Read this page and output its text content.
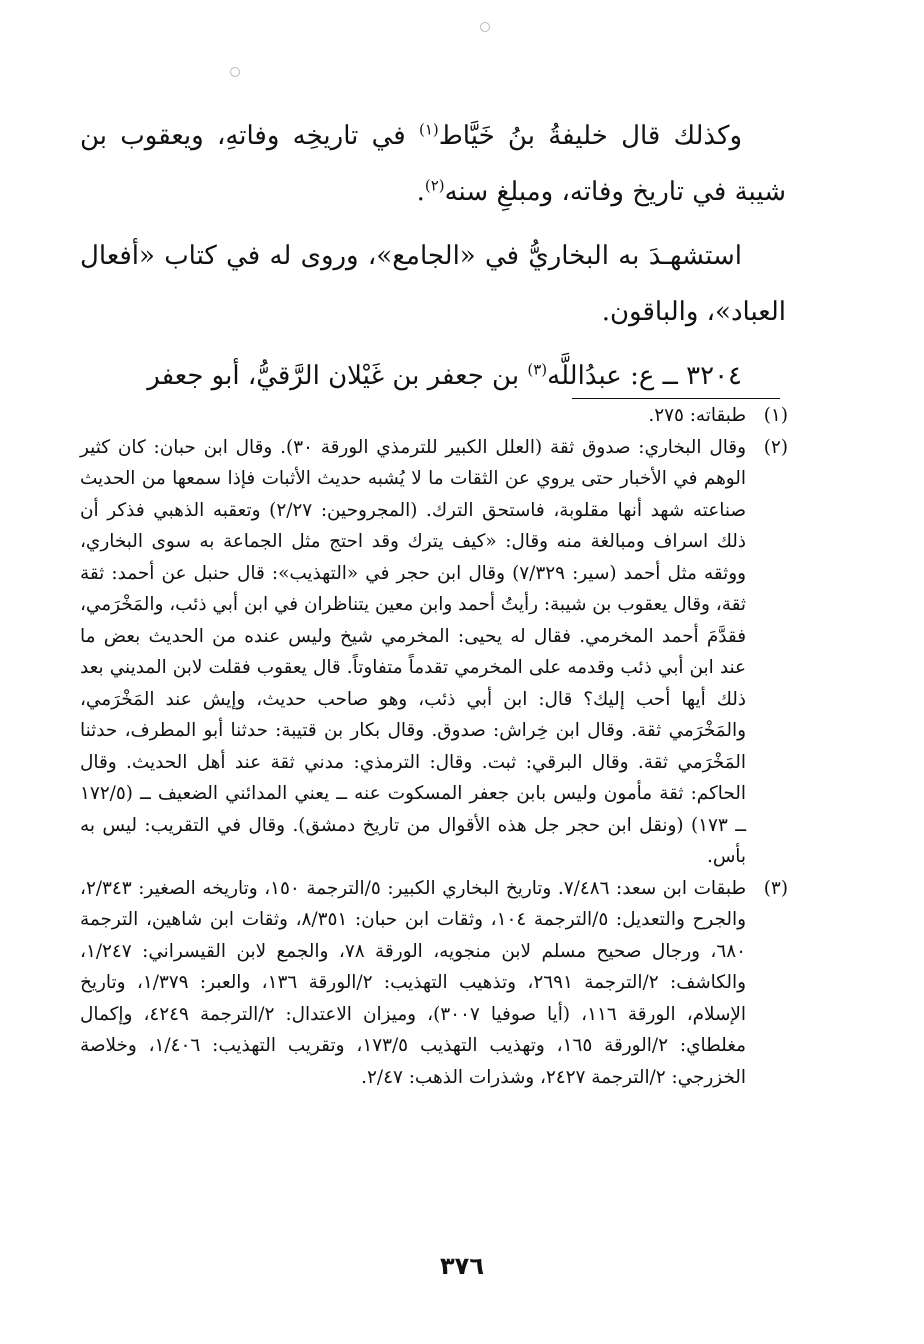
وكذلك قال خليفةُ بنُ خَيَّاط$^{(١)}$ في تاريخِه وفاتهِ، ويعقوب بن شيبة في تاريخ وفاته، ومبلغِ سنه$^{(٢)}$.

استشهـدَ به البخاريُّ في «الجامع»، وروى له في كتاب «أفعال العباد»، والباقون.

٣٢٠٤ ــ ع: عبدُاللَّه$^{(٣)}$ بن جعفر بن غَيْلان الرَّقيُّ، أبو جعفر

(١)
طبقاته: ٢٧٥.
(٢)
وقال البخاري: صدوق ثقة (العلل الكبير للترمذي الورقة ٣٠). وقال ابن حبان: كان كثير الوهم في الأخبار حتى يروي عن الثقات ما لا يُشبه حديث الأثبات فإذا سمعها من الحديث صناعته شهد أنها مقلوبة، فاستحق الترك. (المجروحين: ٢/٢٧) وتعقبه الذهبي فذكر أن ذلك اسراف ومبالغة منه وقال: «كيف يترك وقد احتج مثل الجماعة به سوى البخاري، ووثقه مثل أحمد (سير: ٧/٣٢٩) وقال ابن حجر في «التهذيب»: قال حنبل عن أحمد: ثقة ثقة، وقال يعقوب بن شيبة: رأيتُ أحمد وابن معين يتناظران في ابن أبي ذئب، والمَخْرَمي، فقدَّمَ أحمد المخرمي. فقال له يحيى: المخرمي شيخ وليس عنده من الحديث بعض ما عند ابن أبي ذئب وقدمه على المخرمي تقدماً متفاوتاً. قال يعقوب فقلت لابن المديني بعد ذلك أيها أحب إليك؟ قال: ابن أبي ذئب، وهو صاحب حديث، وإيش عند المَخْرَمي، والمَخْرَمي ثقة. وقال ابن خِراش: صدوق. وقال بكار بن قتيبة: حدثنا أبو المطرف، حدثنا المَخْرَمي ثقة. وقال البرقي: ثبت. وقال: الترمذي: مدني ثقة عند أهل الحديث. وقال الحاكم: ثقة مأمون وليس بابن جعفر المسكوت عنه ــ يعني المدائني الضعيف ــ (١٧٢/٥ ــ ١٧٣) (ونقل ابن حجر جل هذه الأقوال من تاريخ دمشق). وقال في التقريب: ليس به بأس.
(٣)
طبقات ابن سعد: ٧/٤٨٦. وتاريخ البخاري الكبير: ٥/الترجمة ١٥٠، وتاريخه الصغير: ٢/٣٤٣، والجرح والتعديل: ٥/الترجمة ١٠٤، وثقات ابن حبان: ٨/٣٥١، وثقات ابن شاهين، الترجمة ٦٨٠، ورجال صحيح مسلم لابن منجويه، الورقة ٧٨، والجمع لابن القيسراني: ١/٢٤٧، والكاشف: ٢/الترجمة ٢٦٩١، وتذهيب التهذيب: ٢/الورقة ١٣٦، والعبر: ١/٣٧٩، وتاريخ الإسلام، الورقة ١١٦، (أيا صوفيا ٣٠٠٧)، وميزان الاعتدال: ٢/الترجمة ٤٢٤٩، وإكمال مغلطاي: ٢/الورقة ١٦٥، وتهذيب التهذيب ١٧٣/٥، وتقريب التهذيب: ١/٤٠٦، وخلاصة الخزرجي: ٢/الترجمة ٢٤٢٧، وشذرات الذهب: ٢/٤٧.
٣٧٦
